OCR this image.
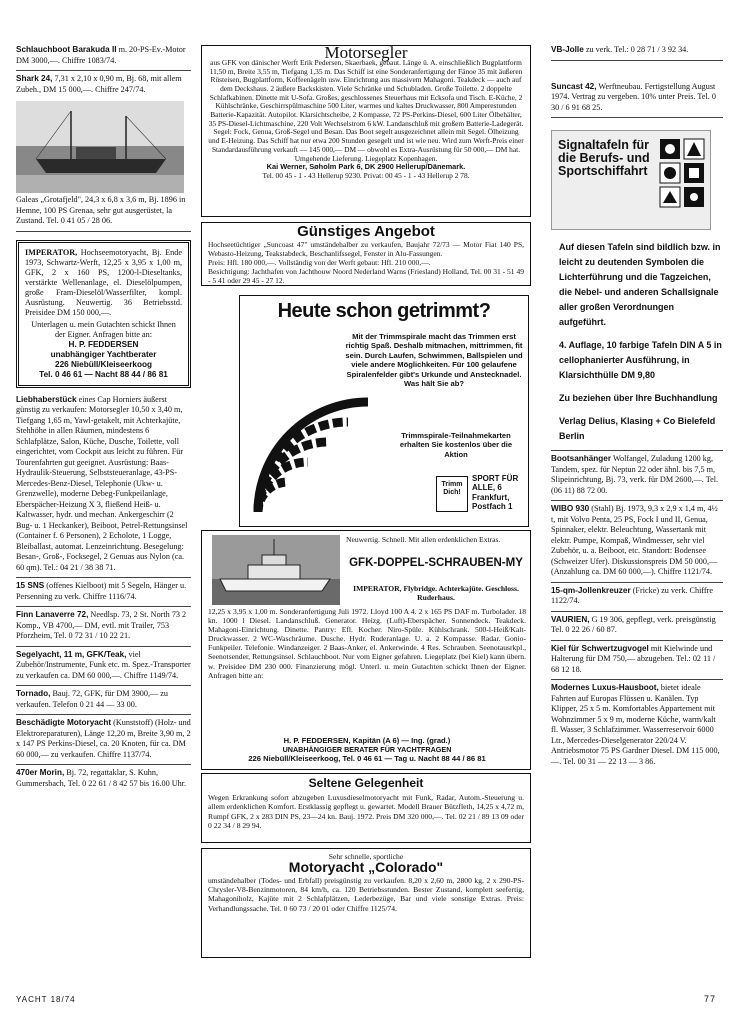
Schlauchboot Barakuda II m. 20-PS-Ev.-Motor DM 3000,—. Chiffre 1083/74.
Shark 24, 7,31 x 2,10 x 0,90 m, Bj. 68, mit allem Zubeh., DM 15 000,—. Chiffre 247/74.
Galeas „Grotafjeld", 24,3 x 6,8 x 3,6 m, Bj. 1896 in Hemne, 100 PS Grenaa, sehr gut ausgerüstet, la Zustand. Tel. 0 41 05 / 28 06.
IMPERATOR, Hochseemotoryacht, Bj. Ende 1973, Schwartz-Werft, 12,25 x 3,95 x 1,00 m, GFK, 2 x 160 PS, 1200-l-Dieseltanks, verstärkte Wellenanlage, el. Dieselölpumpen, große Fram-Dieselöl/Wasserfilter, kompl. Ausrüstung. Neuwertig. 36 Betriebsstd. Preisidee DM 150 000,—.
Unterlagen u. mein Gutachten schickt Ihnen der Eigner. Anfragen bitte an:
H. P. FEDDERSEN
unabhängiger Yachtberater
226 Niebüll/Kleiseerkoog
Tel. 0 46 61 — Nacht 88 44 / 86 81
Liebhaberstück eines Cap Horniers äußerst günstig zu verkaufen: Motorsegler 10,50 x 3,40 m, Tiefgang 1,65 m, Yawl-getakelt, mit Achterkajüte, Stehhöhe in allen Räumen, mindestens 6 Schlafplätze, Salon, Küche, Dusche, Toilette, voll eingerichtet, vom Cockpit aus leicht zu führen. Für Tourenfahrten gut geeignet. Ausrüstung: Baas-Hydraulik-Steuerung, Selbststeueranlage, 43-PS-Mercedes-Benz-Diesel, Telephonie (Ukw- u. Grenzwelle), moderne Debeg-Funkpeilanlage, Eberspächer-Heizung X 3, fließend Heiß- u. Kaltwasser, hydr. und mechan. Ankergeschirr (2 Bug- u. 1 Heckanker), Beiboot, Petrel-Rettungsinsel (Container f. 6 Personen), 2 Echolote, 1 Logge, Bleiballast, automat. Lenzeinrichtung. Besegelung: Besan-, Groß-, Focksegel, 2 Genuas aus Nylon (ca. 60 qm). Tel.: 04 21 / 38 38 71.
15 SNS (offenes Kielboot) mit 5 Segeln, Hänger u. Persenning zu verk. Chiffre 1116/74.
Finn Lanaverre 72, Needlsp. 73, 2 St. North 73 2 Komp., VB 4700,— DM, evtl. mit Trailer, 753 Pforzheim, Tel. 0 72 31 / 10 22 21.
Segelyacht, 11 m, GFK/Teak, viel Zubehör/Instrumente, Funk etc. m. Spez.-Transporter zu verkaufen ca. DM 60 000,—. Chiffre 1149/74.
Tornado, Bauj. 72, GFK, für DM 3900,— zu verkaufen. Telefon 0 21 44 — 33 00.
Beschädigte Motoryacht (Kunststoff) (Holz- und Elektroreparaturen), Länge 12,20 m, Breite 3,90 m, 2 x 147 PS Perkins-Diesel, ca. 20 Knoten, für ca. DM 60 000,— zu verkaufen. Chiffre 1137/74.
470er Morin, Bj. 72, regattaklar, S. Kuhn, Gummersbach, Tel. 0 22 61 / 8 42 57 bis 16.00 Uhr.
Motorsegler
aus GFK von dänischer Werft Erik Pedersen, Skaerbaek, gebaut. Länge ü. A. einschließlich Bugplattform 11,50 m, Breite 3,55 m, Tiefgang 1,35 m. Das Schiff ist eine Sonderanfertigung der Fänoe 35 mit äußeren Rüsteisen, Bugplattform, Koffeenägeln usw. Einrichtung aus massivem Mahagoni. Teakdeck — auch auf dem Deckshaus. 2 äußere Backskisten. Viele Schränke und Schubladen. Große Toilette. 2 doppelte Schlafkabinen. Dinette mit U-Sofa. Großes, geschlossenes Steuerhaus mit Ecksofa und Tisch. E-Küche, 2 Kühlschränke, Geschirrspülmaschine 500 Liter, warmes und kaltes Druckwasser, 800 Amperestunden Batterie-Kapazität. Autopilot. Klarsichtscheibe, 2 Kompasse, 72 PS-Perkins-Diesel, 600 Liter Ölbehälter, 35 PS-Diesel-Lichtmaschine, 220 Volt Wechselstrom 6 kW. Landanschluß mit großem Batterie-Ladegerät. Segel: Fock, Genua, Groß-Segel und Besan. Das Boot segelt ausgezeichnet allein mit Segel. Ölheizung und E-Heizung. Das Schiff hat nur etwa 200 Stunden gesegelt und ist wie neu. Wird zum Werft-Preis einer Standardausführung verkauft — 145 000,— DM — obwohl es Extra-Ausrüstung für 50 000,— DM hat. Umgehende Lieferung. Liegeplatz Kopenhagen.
Kai Werner, Søholm Park 6, DK 2900 Hellerup/Dänemark.
Tel. 00 45 - 1 - 43 Hellerup 9230. Privat: 00 45 - 1 - 43 Hellerup 2 78.
Günstiges Angebot
Hochseetüchtiger „Suncoast 47" umständehalber zu verkaufen, Baujahr 72/73 — Motor Fiat 140 PS, Webasto-Heizung, Teakstabdeck, Beschanlifssegel, Fenster in Alu-Fassungen.
Preis: Hfl. 180 000,—. Vollständig von der Werft gebaut: Hfl. 210 000,—.
Besichtigung: Jachthafen von Jachthouw Noord Nederland Warns (Friesland) Holland, Tel. 00 31 - 51 49 - 5 41 oder 29 45 - 27 12.
Heute schon getrimmt?
Mit der Trimmspirale macht das Trimmen erst richtig Spaß. Deshalb mitmachen, mittrimmen, fit sein. Durch Laufen, Schwimmen, Ballspielen und viele andere Möglichkeiten. Für 100 gelaufene Spiralenfelder gibt's Urkunde und Anstecknadel. Was hält Sie ab?
Trimmspirale-Teilnahmekarten erhalten Sie kostenlos über die Aktion
Trimm Dich!
SPORT FÜR ALLE, 6 Frankfurt, Postfach 1
Neuwertig. Schnell. Mit allen erdenklichen Extras.
GFK-DOPPEL-SCHRAUBEN-MY
IMPERATOR, Flybridge. Achterkajüte. Geschloss. Ruderhaus.
12,25 x 3,95 x 1,00 m. Sonderanfertigung Juli 1972. Lloyd 100 A 4. 2 x 165 PS DAF m. Turbolader. 18 kn. 1000 l Diesel. Landanschluß. Generator. Heizg. (Luft)-Eberspächer. Sonnendeck. Teakdeck. Mahagoni-Einrichtung. Dinette. Pantry: Efl. Kocher. Niro-Spüle. Kühlschrank. 500-l-Heiß/Kalt-Druckwasser. 2 WC-Waschräume. Dusche. Hydr. Ruderanlage. U. a. 2 Kompasse. Radar. Gonio-Funkpeiler. Telefonie. Windanzeiger. 2 Baas-Anker, el. Ankerwinde. 4 Res. Schrauben. Seenotausrkpl., Seenotsender, Rettungsinsel. Schlauchboot. Nur vom Eigner gefahren. Liegeplatz (bei Kiel) kann übern. w. Preisidee DM 230 000. Finanzierung mögl. Unterl. u. mein Gutachten schickt Ihnen der Eigner. Anfragen bitte an:
H. P. FEDDERSEN, Kapitän (A 6) — Ing. (grad.)
UNABHÄNGIGER BERATER FÜR YACHTFRAGEN
226 Niebüll/Kleiseerkoog, Tel. 0 46 61 — Tag u. Nacht 88 44 / 86 81
Seltene Gelegenheit
Wegen Erkrankung sofort abzugeben Luxusdieselmotoryacht mit Funk, Radar, Autom.-Steuerung u. allem erdenklichen Komfort. Erstklassig gepflegt u. gewartet. Modell Brauer Bützfleth, 14,25 x 4,72 m, Rumpf GFK, 2 x 283 DIN PS, 23—24 kn. Bauj. 1972. Preis DM 320 000,—. Tel. 02 21 / 89 13 09 oder 0 22 34 / 8 29 94.
Sehr schnelle, sportliche
Motoryacht „Colorado"
umständehalber (Todes- und Erbfall) preisgünstig zu verkaufen. 8,20 x 2,60 m, 2800 kg, 2 x 290-PS-Chrysler-V8-Benzinmotoren, 84 km/h, ca. 120 Betriebsstunden. Bester Zustand, komplett seefertig, Mahagoniholz, Kajüte mit 2 Schlafplätzen, Lederbezüge, Bar und viele sonstige Extras. Preis: Verhandlungssache. Tel. 0 60 73 / 20 01 oder Chiffre 1125/74.
VB-Jolle zu verk. Tel.: 0 28 71 / 3 92 34.
Suncast 42, Werftneubau. Fertigstellung August 1974. Vertrag zu vergeben. 10% unter Preis. Tel. 0 30 / 6 91 68 25.
Signaltafeln für die Berufs- und Sportschiffahrt
Auf diesen Tafeln sind bildlich bzw. in leicht zu deutenden Symbolen die Lichterführung und die Tagzeichen, die Nebel- und anderen Schallsignale aller großen Verordnungen aufgeführt.
4. Auflage, 10 farbige Tafeln DIN A 5 in cellophanierter Ausführung, in Klarsichthülle DM 9,80
Zu beziehen über Ihre Buchhandlung
Verlag Delius, Klasing + Co Bielefeld Berlin
Bootsanhänger Wolfangel, Zuladung 1200 kg, Tandem, spez. für Neptun 22 oder ähnl. bis 7,5 m, Slipeinrichtung, Bj. 73, verk. für DM 2600,—. Tel. (06 11) 88 72 00.
WIBO 930 (Stahl) Bj. 1973, 9,3 x 2,9 x 1,4 m, 4½ t, mit Volvo Penta, 25 PS, Fock I und II, Genua, Spinnaker, elektr. Beleuchtung, Wassertank mit elektr. Pumpe, Kompaß, Windmesser, sehr viel Zubehör, u. a. Beiboot, etc. Standort: Bodensee (Schweizer Ufer). Diskussionspreis DM 50 000,— (Anzahlung ca. DM 60 000,—). Chiffre 1121/74.
15-qm-Jollenkreuzer (Fricke) zu verk. Chiffre 1122/74.
VAURIEN, G 19 306, gepflegt, verk. preisgünstig Tel. 0 22 26 / 60 87.
Kiel für Schwertzugvogel mit Kielwinde und Halterung für DM 750,— abzugeben. Tel.: 02 11 / 68 12 18.
Modernes Luxus-Hausboot, bietet ideale Fahrten auf Europas Flüssen u. Kanälen. Typ Klipper, 25 x 5 m. Komfortables Appartement mit Wohnzimmer 5 x 9 m, moderne Küche, warm/kalt fl. Wasser, 3 Schlafzimmer. Wasserreservoir 6000 Ltr., Mercedes-Dieselgenerator 220/24 V. Antriebsmotor 75 PS Gardner Diesel. DM 115 000,—. Tel. 00 31 — 22 13 — 3 86.
YACHT 18/74	77
